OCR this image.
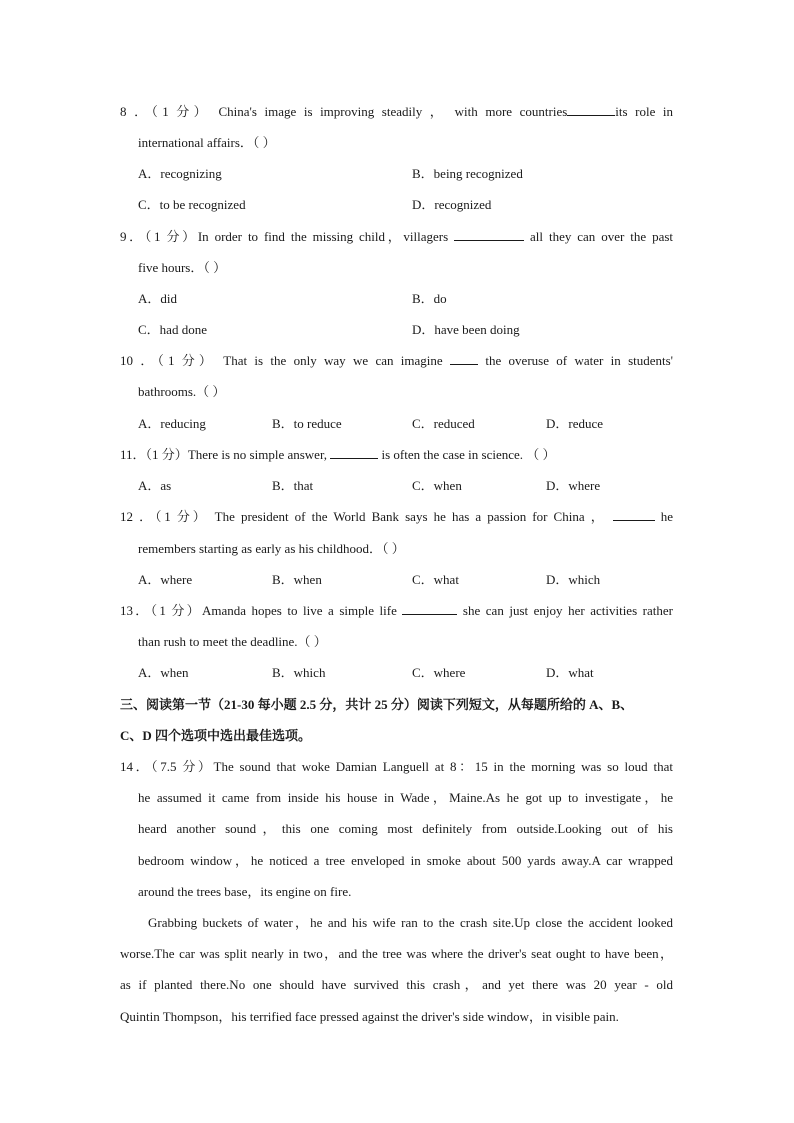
8 ．（1 分） China's image is improving steadily ， with more countries	its role in
international affairs．（ ）
A．recognizing	B．being recognized
C．to be recognized	D．recognized
9．（1 分）In order to find the missing child，villagers	all they can over the past
five hours．（ ）
A．did	B．do
C．had done	D．have been doing
10 ．（1 分） That is the only way we can imagine	the overuse of water in students'
bathrooms.（ ）
A．reducing	B．to reduce	C．reduced	D．reduce
11．（1 分）There is no simple answer,	is often the case in science. （ ）
A．as	B．that	C．when	D．where
12 ．（1 分） The president of the World Bank says he has a passion for China ，	he
remembers starting as early as his childhood．（ ）
A．where	B．when	C．what	D．which
13．（1 分）Amanda hopes to live a simple life	she can just enjoy her activities rather
than rush to meet the deadline.（ ）
A．when	B．which	C．where	D．what
三、阅读第一节（21-30 每小题 2.5 分，共计 25 分）阅读下列短文，从每题所给的 A、B、
C、D 四个选项中选出最佳选项。
14．（7.5 分）The sound that woke Damian Languell at 8：15 in the morning was so loud that
he assumed it came from inside his house in Wade，Maine.As he got up to investigate，he
heard another sound，this one coming most definitely from outside.Looking out of his
bedroom window，he noticed a tree enveloped in smoke about 500 yards away.A car wrapped
around the trees base，its engine on fire.
Grabbing buckets of water，he and his wife ran to the crash site.Up close the accident looked
worse.The car was split nearly in two，and the tree was where the driver's seat ought to have been，
as if planted there.No one should have survived this crash，and yet there was 20 year - old
Quintin Thompson，his terrified face pressed against the driver's side window，in visible pain.
